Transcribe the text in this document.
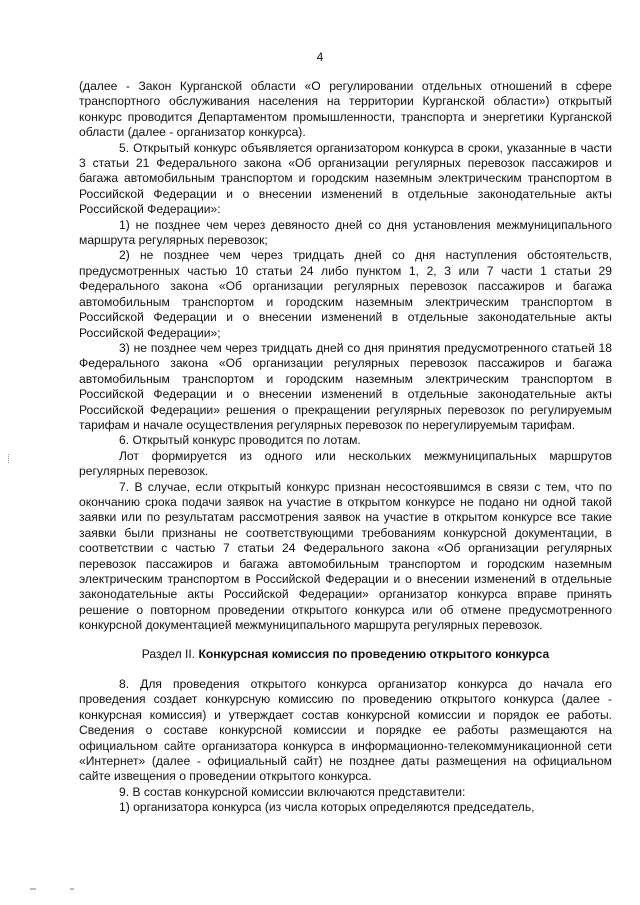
4

(далее - Закон Курганской области «О регулировании отдельных отношений в сфере транспортного обслуживания населения на территории Курганской области») открытый конкурс проводится Департаментом промышленности, транспорта и энергетики Курганской области (далее - организатор конкурса).

5. Открытый конкурс объявляется организатором конкурса в сроки, указанные в части 3 статьи 21 Федерального закона «Об организации регулярных перевозок пассажиров и багажа автомобильным транспортом и городским наземным электрическим транспортом в Российской Федерации и о внесении изменений в отдельные законодательные акты Российской Федерации»:

1) не позднее чем через девяносто дней со дня установления межмуниципального маршрута регулярных перевозок;

2) не позднее чем через тридцать дней со дня наступления обстоятельств, предусмотренных частью 10 статьи 24 либо пунктом 1, 2, 3 или 7 части 1 статьи 29 Федерального закона «Об организации регулярных перевозок пассажиров и багажа автомобильным транспортом и городским наземным электрическим транспортом в Российской Федерации и о внесении изменений в отдельные законодательные акты Российской Федерации»;

3) не позднее чем через тридцать дней со дня принятия предусмотренного статьей 18 Федерального закона «Об организации регулярных перевозок пассажиров и багажа автомобильным транспортом и городским наземным электрическим транспортом в Российской Федерации и о внесении изменений в отдельные законодательные акты Российской Федерации» решения о прекращении регулярных перевозок по регулируемым тарифам и начале осуществления регулярных перевозок по нерегулируемым тарифам.

6. Открытый конкурс проводится по лотам.

Лот формируется из одного или нескольких межмуниципальных маршрутов регулярных перевозок.

7. В случае, если открытый конкурс признан несостоявшимся в связи с тем, что по окончанию срока подачи заявок на участие в открытом конкурсе не подано ни одной такой заявки или по результатам рассмотрения заявок на участие в открытом конкурсе все такие заявки были признаны не соответствующими требованиям конкурсной документации, в соответствии с частью 7 статьи 24 Федерального закона «Об организации регулярных перевозок пассажиров и багажа автомобильным транспортом и городским наземным электрическим транспортом в Российской Федерации и о внесении изменений в отдельные законодательные акты Российской Федерации» организатор конкурса вправе принять решение о повторном проведении открытого конкурса или об отмене предусмотренного конкурсной документацией межмуниципального маршрута регулярных перевозок.

Раздел II. Конкурсная комиссия по проведению открытого конкурса

8. Для проведения открытого конкурса организатор конкурса до начала его проведения создает конкурсную комиссию по проведению открытого конкурса (далее - конкурсная комиссия) и утверждает состав конкурсной комиссии и порядок ее работы. Сведения о составе конкурсной комиссии и порядке ее работы размещаются на официальном сайте организатора конкурса в информационно-телекоммуникационной сети «Интернет» (далее - официальный сайт) не позднее даты размещения на официальном сайте извещения о проведении открытого конкурса.

9. В состав конкурсной комиссии включаются представители:

1) организатора конкурса (из числа которых определяются председатель,
